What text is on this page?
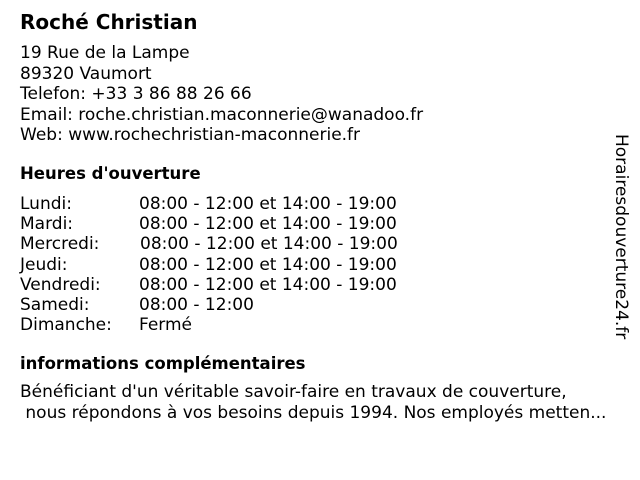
Roché Christian
19 Rue de la Lampe
89320 Vaumort
Telefon: +33 3 86 88 26 66
Email: roche.christian.maconnerie@wanadoo.fr
Web: www.rochechristian-maconnerie.fr
Heures d'ouverture
Lundi:	08:00 - 12:00 et 14:00 - 19:00
Mardi:	08:00 - 12:00 et 14:00 - 19:00
Mercredi: 08:00 - 12:00 et 14:00 - 19:00
Jeudi:	08:00 - 12:00 et 14:00 - 19:00
Vendredi: 08:00 - 12:00 et 14:00 - 19:00
Samedi:	08:00 - 12:00
Dimanche: Fermé
informations complémentaires
Bénéficiant d'un véritable savoir-faire en travaux de couverture,
nous répondons à vos besoins depuis 1994. Nos employés metten...
Horairesdouverture24.fr
